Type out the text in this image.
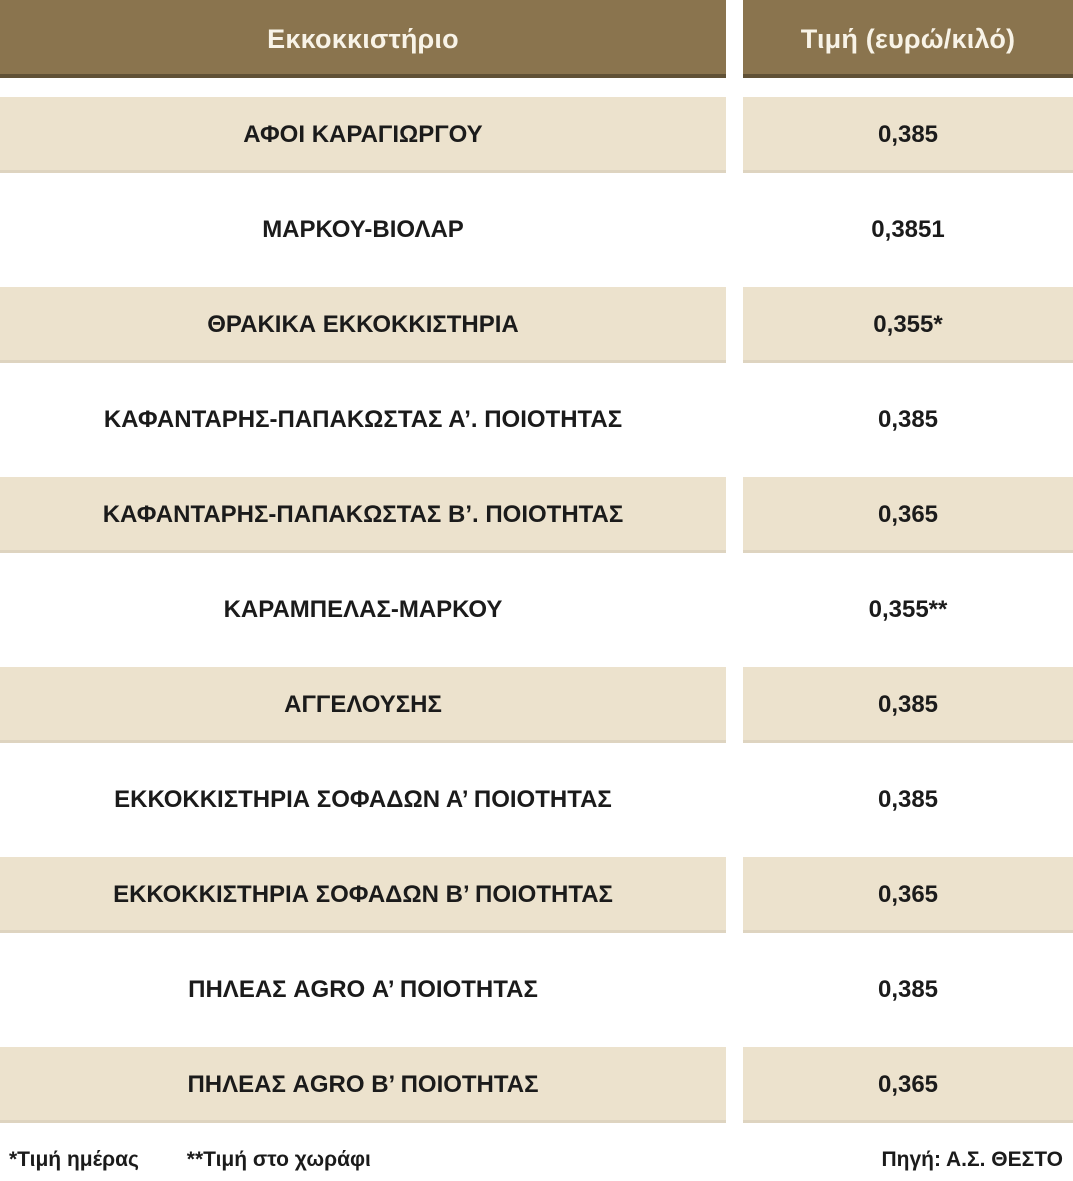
Εκκοκκιστήριο	Τιμή (ευρώ/κιλό)
ΑΦΟΙ ΚΑΡΑΓΙΩΡΓΟΥ	0,385
ΜΑΡΚΟΥ-ΒΙΟΛΑΡ	0,3851
ΘΡΑΚΙΚΑ ΕΚΚΟΚΚΙΣΤΗΡΙΑ	0,355*
ΚΑΦΑΝΤΑΡΗΣ-ΠΑΠΑΚΩΣΤΑΣ Α’. ΠΟΙΟΤΗΤΑΣ	0,385
ΚΑΦΑΝΤΑΡΗΣ-ΠΑΠΑΚΩΣΤΑΣ Β’. ΠΟΙΟΤΗΤΑΣ	0,365
ΚΑΡΑΜΠΕΛΑΣ-ΜΑΡΚΟΥ	0,355**
ΑΓΓΕΛΟΥΣΗΣ	0,385
ΕΚΚΟΚΚΙΣΤΗΡΙΑ ΣΟΦΑΔΩΝ Α’ ΠΟΙΟΤΗΤΑΣ	0,385
ΕΚΚΟΚΚΙΣΤΗΡΙΑ ΣΟΦΑΔΩΝ Β’ ΠΟΙΟΤΗΤΑΣ	0,365
ΠΗΛΕΑΣ AGRO Α’ ΠΟΙΟΤΗΤΑΣ	0,385
ΠΗΛΕΑΣ AGRO Β’ ΠΟΙΟΤΗΤΑΣ	0,365
*Τιμή ημέρας **Τιμή στο χωράφι	Πηγή: Α.Σ. ΘΕΣΤΟ
